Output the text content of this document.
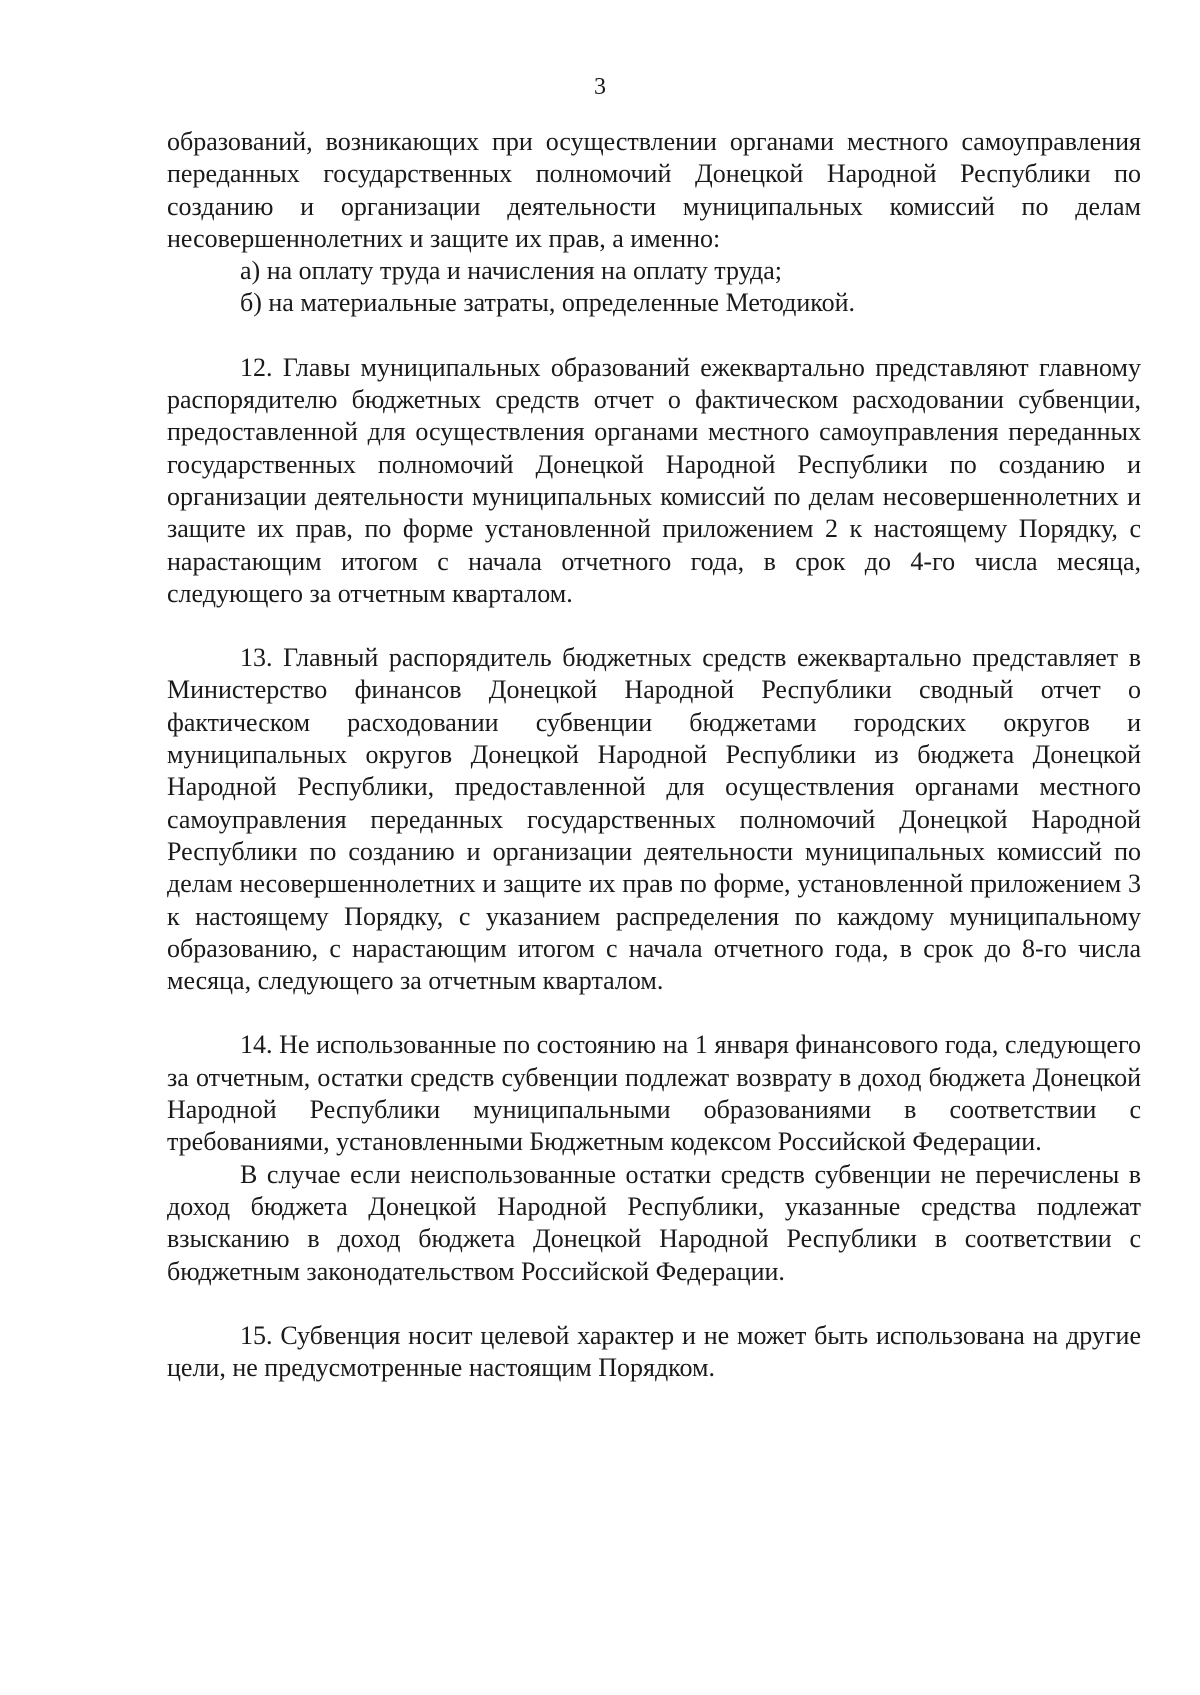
3

образований, возникающих при осуществлении органами местного самоуправления переданных государственных полномочий Донецкой Народной Республики по созданию и организации деятельности муниципальных комиссий по делам несовершеннолетних и защите их прав, а именно:

а) на оплату труда и начисления на оплату труда;

б) на материальные затраты, определенные Методикой.

12. Главы муниципальных образований ежеквартально представляют главному распорядителю бюджетных средств отчет о фактическом расходовании субвенции, предоставленной для осуществления органами местного самоуправления переданных государственных полномочий Донецкой Народной Республики по созданию и организации деятельности муниципальных комиссий по делам несовершеннолетних и защите их прав, по форме установленной приложением 2 к настоящему Порядку, с нарастающим итогом с начала отчетного года, в срок до 4-го числа месяца, следующего за отчетным кварталом.

13. Главный распорядитель бюджетных средств ежеквартально представляет в Министерство финансов Донецкой Народной Республики сводный отчет о фактическом расходовании субвенции бюджетами городских округов и муниципальных округов Донецкой Народной Республики из бюджета Донецкой Народной Республики, предоставленной для осуществления органами местного самоуправления переданных государственных полномочий Донецкой Народной Республики по созданию и организации деятельности муниципальных комиссий по делам несовершеннолетних и защите их прав по форме, установленной приложением 3 к настоящему Порядку, с указанием распределения по каждому муниципальному образованию, с нарастающим итогом с начала отчетного года, в срок до 8-го числа месяца, следующего за отчетным кварталом.

14. Не использованные по состоянию на 1 января финансового года, следующего за отчетным, остатки средств субвенции подлежат возврату в доход бюджета Донецкой Народной Республики муниципальными образованиями в соответствии с требованиями, установленными Бюджетным кодексом Российской Федерации.

В случае если неиспользованные остатки средств субвенции не перечислены в доход бюджета Донецкой Народной Республики, указанные средства подлежат взысканию в доход бюджета Донецкой Народной Республики в соответствии с бюджетным законодательством Российской Федерации.

15. Субвенция носит целевой характер и не может быть использована на другие цели, не предусмотренные настоящим Порядком.
